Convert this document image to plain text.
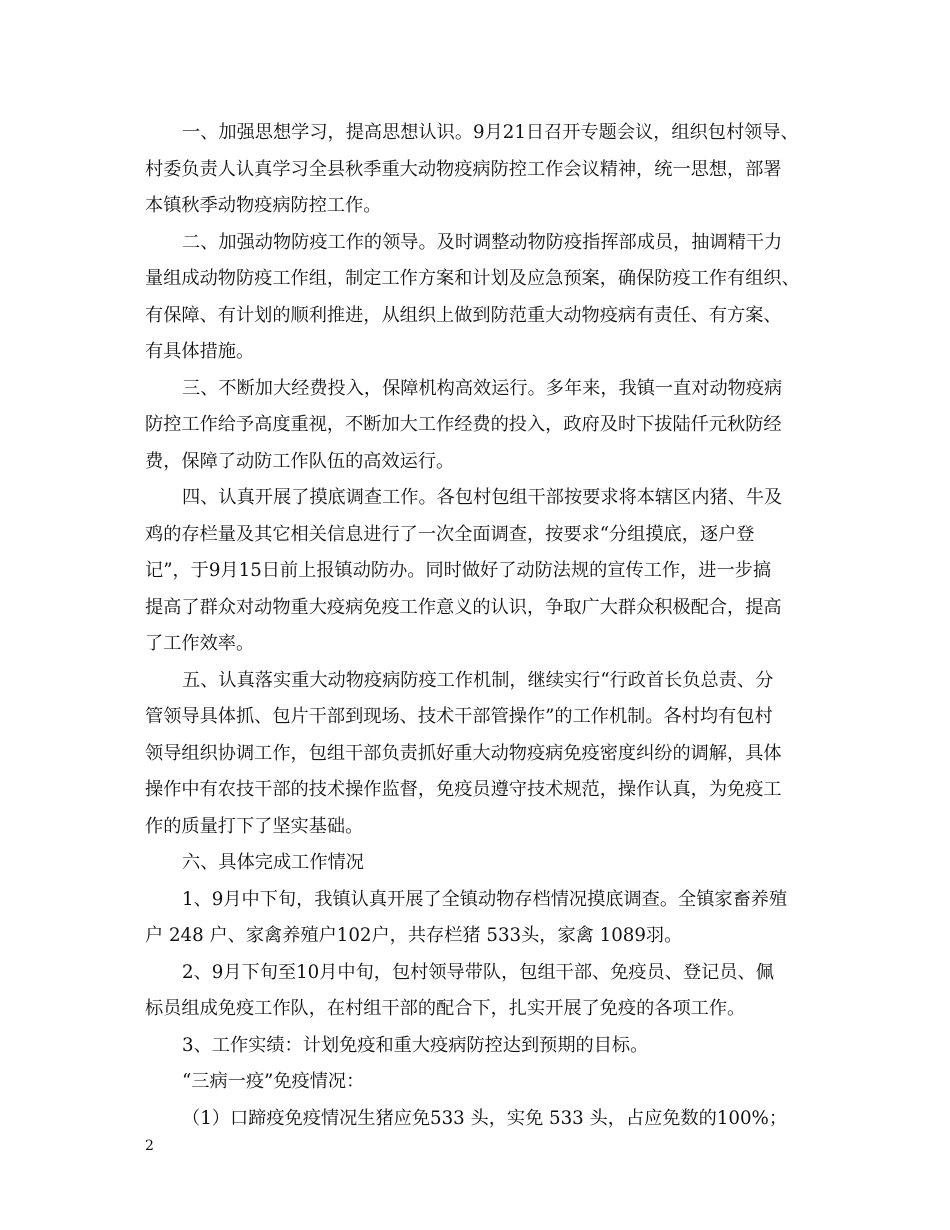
一、加强思想学习，提高思想认识。9月21日召开专题会议，组织包村领导、
村委负责人认真学习全县秋季重大动物疫病防控工作会议精神，统一思想，部署
本镇秋季动物疫病防控工作。
二、加强动物防疫工作的领导。及时调整动物防疫指挥部成员，抽调精干力
量组成动物防疫工作组，制定工作方案和计划及应急预案，确保防疫工作有组织、
有保障、有计划的顺利推进，从组织上做到防范重大动物疫病有责任、有方案、
有具体措施。
三、不断加大经费投入，保障机构高效运行。多年来，我镇一直对动物疫病
防控工作给予高度重视，不断加大工作经费的投入，政府及时下拔陆仟元秋防经
费，保障了动防工作队伍的高效运行。
四、认真开展了摸底调查工作。各包村包组干部按要求将本辖区内猪、牛及
鸡的存栏量及其它相关信息进行了一次全面调查，按要求“分组摸底，逐户登
记”，于9月15日前上报镇动防办。同时做好了动防法规的宣传工作，进一步搞
提高了群众对动物重大疫病免疫工作意义的认识，争取广大群众积极配合，提高
了工作效率。
五、认真落实重大动物疫病防疫工作机制，继续实行“行政首长负总责、分
管领导具体抓、包片干部到现场、技术干部管操作”的工作机制。各村均有包村
领导组织协调工作，包组干部负责抓好重大动物疫病免疫密度纠纷的调解，具体
操作中有农技干部的技术操作监督，免疫员遵守技术规范，操作认真，为免疫工
作的质量打下了坚实基础。
六、具体完成工作情况
1、9月中下旬，我镇认真开展了全镇动物存档情况摸底调查。全镇家畜养殖
户 248 户、家禽养殖户102户，共存栏猪 533头，家禽 1089羽。
2、9月下旬至10月中旬，包村领导带队，包组干部、免疫员、登记员、佩
标员组成免疫工作队，在村组干部的配合下，扎实开展了免疫的各项工作。
3、工作实绩：计划免疫和重大疫病防控达到预期的目标。
“三病一疫”免疫情况：
（1）口蹄疫免疫情况生猪应免533 头，实免 533 头，占应免数的100%；
2
